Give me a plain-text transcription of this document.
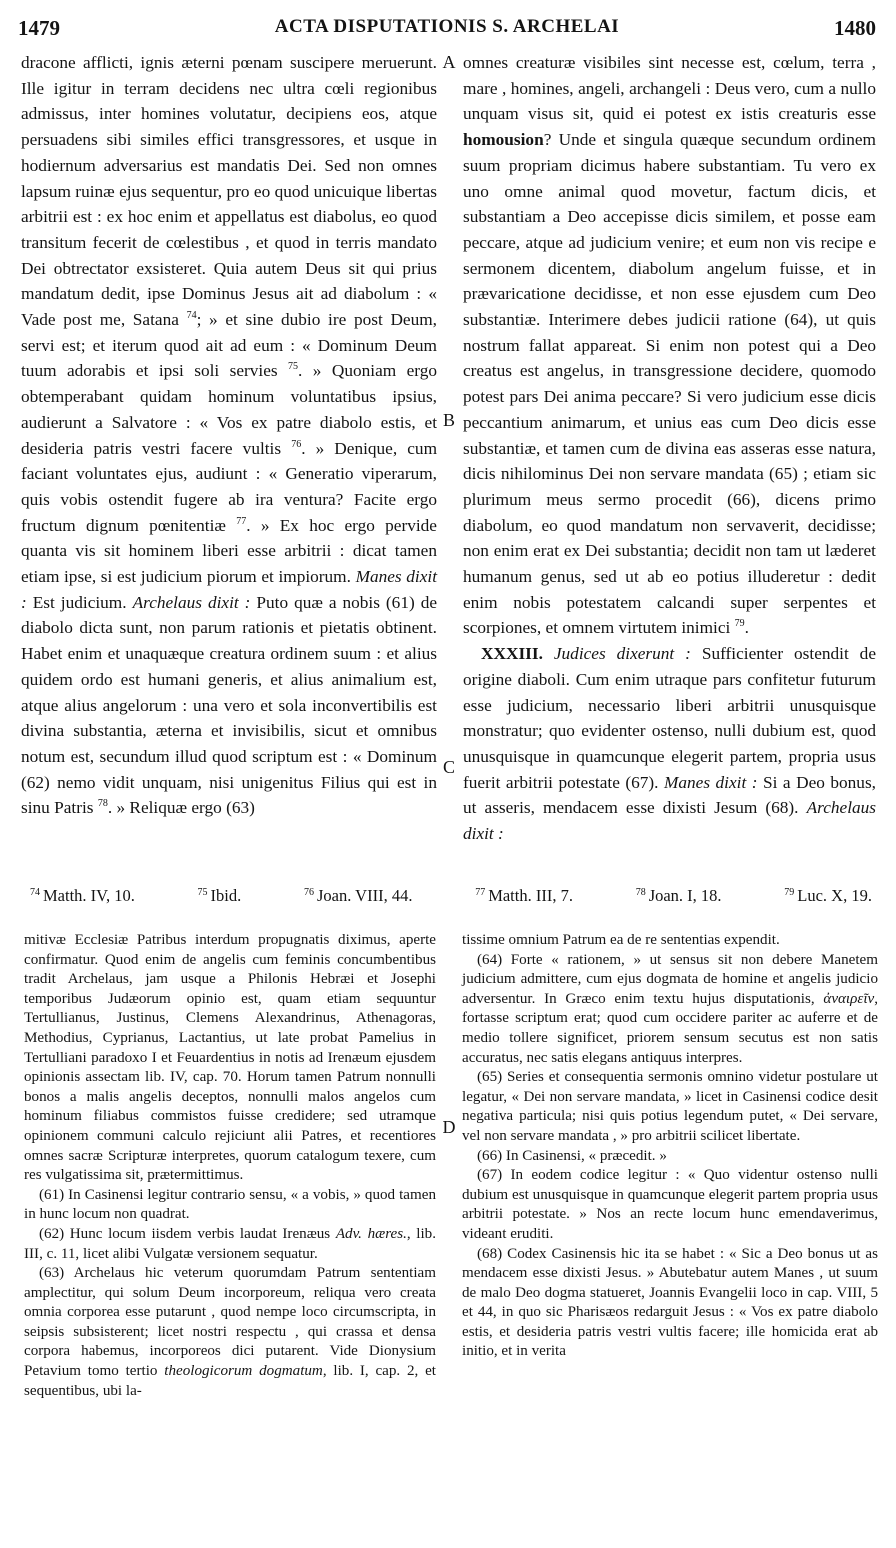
1479	ACTA DISPUTATIONIS S. ARCHELAI	1480
A
B
C
D

dracone afflicti, ignis æterni pœnam suscipere meruerunt. Ille igitur in terram decidens nec ultra cœli regionibus admissus, inter homines volutatur, decipiens eos, atque persuadens sibi similes effici transgressores, et usque in hodiernum adversarius est mandatis Dei. Sed non omnes lapsum ruinæ ejus sequentur, pro eo quod unicuique libertas arbitrii est : ex hoc enim et appellatus est diabolus, eo quod transitum fecerit de cœlestibus , et quod in terris mandato Dei obtrectator exsisteret. Quia autem Deus sit qui prius mandatum dedit, ipse Dominus Jesus ait ad diabolum : « Vade post me, Satana $^{74}$; » et sine dubio ire post Deum, servi est; et iterum quod ait ad eum : « Dominum Deum tuum adorabis et ipsi soli servies $^{75}$. » Quoniam ergo obtemperabant quidam hominum voluntatibus ipsius, audierunt a Salvatore : « Vos ex patre diabolo estis, et desideria patris vestri facere vultis $^{76}$. » Denique, cum faciant voluntates ejus, audiunt : « Generatio viperarum, quis vobis ostendit fugere ab ira ventura? Facite ergo fructum dignum pœnitentiæ $^{77}$. » Ex hoc ergo pervide quanta vis sit hominem liberi esse arbitrii : dicat tamen etiam ipse, si est judicium piorum et impiorum. Manes dixit : Est judicium. Archelaus dixit : Puto quæ a nobis (61) de diabolo dicta sunt, non parum rationis et pietatis obtinent. Habet enim et unaquæque creatura ordinem suum : et alius quidem ordo est humani generis, et alius animalium est, atque alius angelorum : una vero et sola inconvertibilis est divina substantia, æterna et invisibilis, sicut et omnibus notum est, secundum illud quod scriptum est : « Dominum (62) nemo vidit unquam, nisi unigenitus Filius qui est in sinu Patris $^{78}$. » Reliquæ ergo (63)

omnes creaturæ visibiles sint necesse est, cœlum, terra , mare , homines, angeli, archangeli : Deus vero, cum a nullo unquam visus sit, quid ei potest ex istis creaturis esse homousion? Unde et singula quæque secundum ordinem suum propriam dicimus habere substantiam. Tu vero ex uno omne animal quod movetur, factum dicis, et substantiam a Deo accepisse dicis similem, et posse eam peccare, atque ad judicium venire; et eum non vis recipe e sermonem dicentem, diabolum angelum fuisse, et in prævaricatione decidisse, et non esse ejusdem cum Deo substantiæ. Interimere debes judicii ratione (64), ut quis nostrum fallat appareat. Si enim non potest qui a Deo creatus est angelus, in transgressione decidere, quomodo potest pars Dei anima peccare? Si vero judicium esse dicis peccantium animarum, et unius eas cum Deo dicis esse substantiæ, et tamen cum de divina eas asseras esse natura, dicis nihilominus Dei non servare mandata (65) ; etiam sic plurimum meus sermo procedit (66), dicens primo diabolum, eo quod mandatum non servaverit, decidisse; non enim erat ex Dei substantia; decidit non tam ut læderet humanum genus, sed ut ab eo potius illuderetur : dedit enim nobis potestatem calcandi super serpentes et scorpiones, et omnem virtutem inimici $^{79}$.

XXXIII. Judices dixerunt : Sufficienter ostendit de origine diaboli. Cum enim utraque pars confitetur futurum esse judicium, necessario liberi arbitrii unusquisque monstratur; quo evidenter ostenso, nulli dubium est, quod unusquisque in quamcunque elegerit partem, propria usus fuerit arbitrii potestate (67). Manes dixit : Si a Deo bonus, ut asseris, mendacem esse dixisti Jesum (68). Archelaus dixit :

$^{74}$ Matth. IV, 10.	$^{75}$ Ibid.	$^{76}$ Joan. VIII, 44.	$^{77}$ Matth. III, 7.	$^{78}$ Joan. I, 18.	$^{79}$ Luc. X, 19.

mitivæ Ecclesiæ Patribus interdum propugnatis diximus, aperte confirmatur. Quod enim de angelis cum feminis concumbentibus tradit Archelaus, jam usque a Philonis Hebræi et Josephi temporibus Judæorum opinio est, quam etiam sequuntur Tertullianus, Justinus, Clemens Alexandrinus, Athenagoras, Methodius, Cyprianus, Lactantius, ut late probat Pamelius in Tertulliani paradoxo I et Feuardentius in notis ad Irenæum ejusdem opinionis assectam lib. IV, cap. 70. Horum tamen Patrum nonnulli bonos a malis angelis deceptos, nonnulli malos angelos cum hominum filiabus commistos fuisse credidere; sed utramque opinionem communi calculo rejiciunt alii Patres, et recentiores omnes sacræ Scripturæ interpretes, quorum catalogum texere, cum res vulgatissima sit, prætermittimus.

(61) In Casinensi legitur contrario sensu, « a vobis, » quod tamen in hunc locum non quadrat.

(62) Hunc locum iisdem verbis laudat Irenæus Adv. hæres., lib. III, c. 11, licet alibi Vulgatæ versionem sequatur.

(63) Archelaus hic veterum quorumdam Patrum sententiam amplectitur, qui solum Deum incorporeum, reliqua vero creata omnia corporea esse putarunt , quod nempe loco circumscripta, in seipsis subsisterent; licet nostri respectu , qui crassa et densa corpora habemus, incorporeos dici putarent. Vide Dionysium Petavium tomo tertio theologicorum dogmatum, lib. I, cap. 2, et sequentibus, ubi la-

tissime omnium Patrum ea de re sententias expendit.

(64) Forte « rationem, » ut sensus sit non debere Manetem judicium admittere, cum ejus dogmata de homine et angelis judicio adversentur. In Græco enim textu hujus disputationis, ἀναιρεῖν, fortasse scriptum erat; quod cum occidere pariter ac auferre et de medio tollere significet, priorem sensum secutus est non satis accuratus, nec satis elegans antiquus interpres.

(65) Series et consequentia sermonis omnino videtur postulare ut legatur, « Dei non servare mandata, » licet in Casinensi codice desit negativa particula; nisi quis potius legendum putet, « Dei servare, vel non servare mandata , » pro arbitrii scilicet libertate.

(66) In Casinensi, « præcedit. »

(67) In eodem codice legitur : « Quo videntur ostenso nulli dubium est unusquisque in quamcunque elegerit partem propria usus arbitrii potestate. » Nos an recte locum hunc emendaverimus, videant eruditi.

(68) Codex Casinensis hic ita se habet : « Sic a Deo bonus ut as mendacem esse dixisti Jesus. » Abutebatur autem Manes , ut suum de malo Deo dogma statueret, Joannis Evangelii loco in cap. VIII, 5 et 44, in quo sic Pharisæos redarguit Jesus : « Vos ex patre diabolo estis, et desideria patris vestri vultis facere; ille homicida erat ab initio, et in verita
